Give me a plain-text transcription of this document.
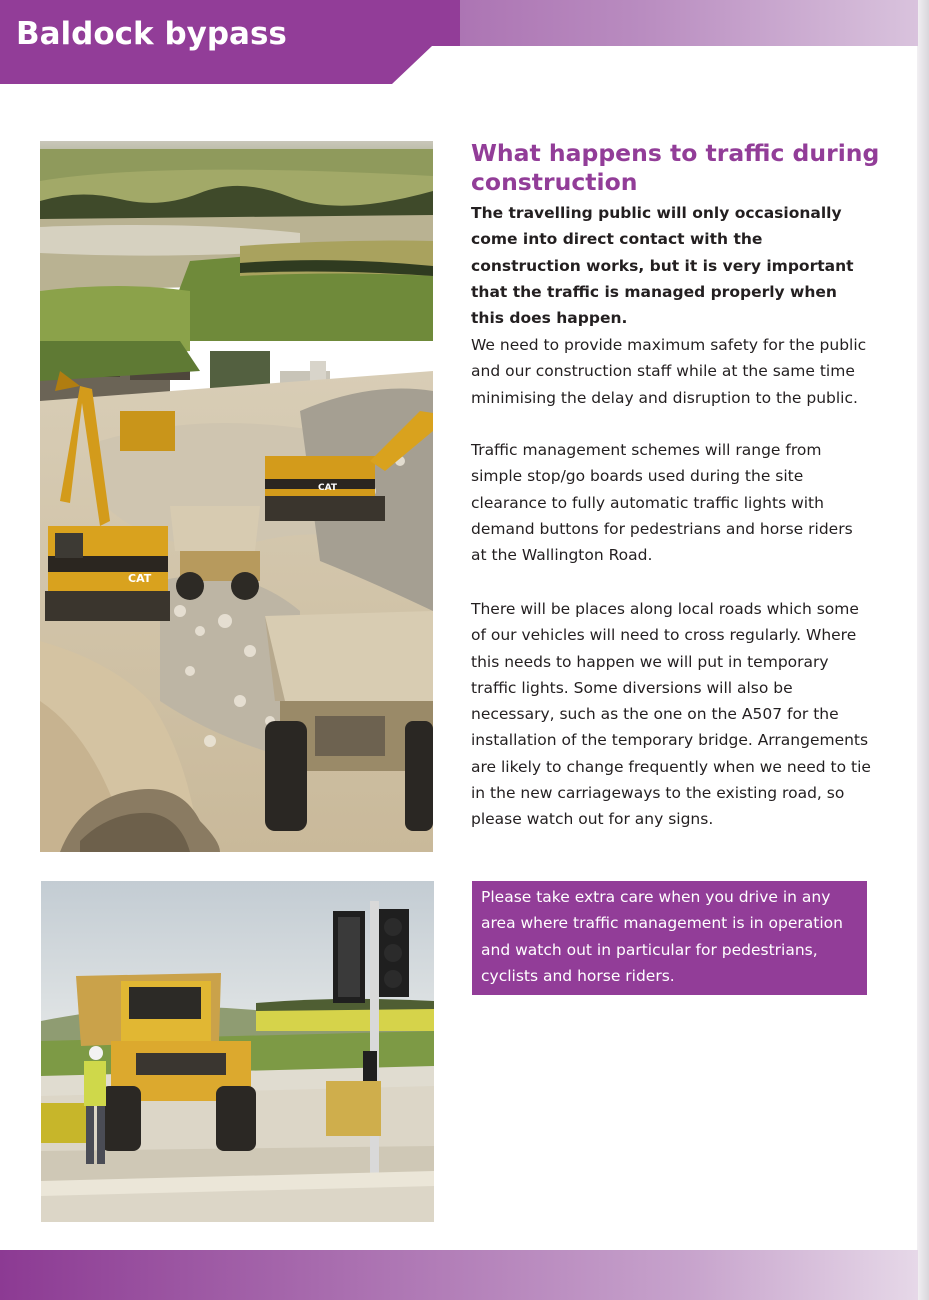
Baldock bypass
CAT
CAT
What happens to traffic during construction

The travelling public will only occasionally come into direct contact with the construction works, but it is very important that the traffic is managed properly when this does happen.

We need to provide maximum safety for the public and our construction staff while at the same time minimising the delay and disruption to the public.

Traffic management schemes will range from simple stop/go boards used during the site clearance to fully automatic traffic lights with demand buttons for pedestrians and horse riders at the Wallington Road.

There will be places along local roads which some of our vehicles will need to cross regularly. Where this needs to happen we will put in temporary traffic lights. Some diversions will also be necessary, such as the one on the A507 for the installation of the temporary bridge. Arrangements are likely to change frequently when we need to tie in the new carriageways to the existing road, so please watch out for any signs.

Please take extra care when you drive in any area where traffic management is in operation and watch out in particular for pedestrians, cyclists and horse riders.
